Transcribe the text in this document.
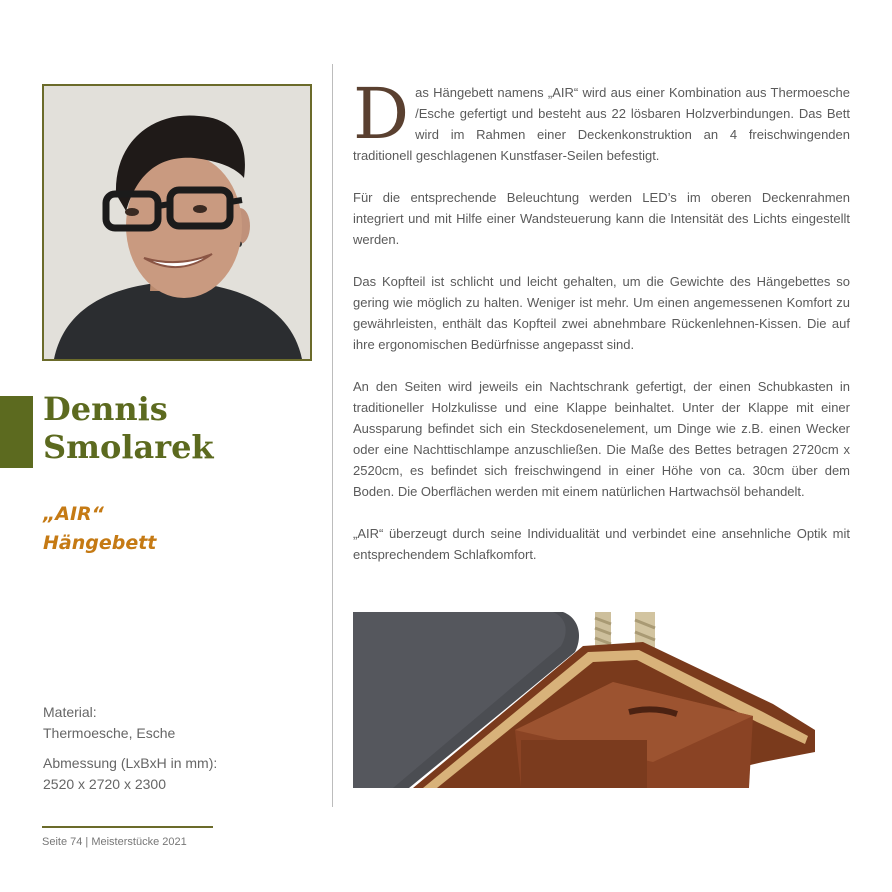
Dennis
Smolarek
„AIR“
Hängebett
Material:
Thermoesche, Esche
Abmessung (LxBxH in mm):
2520 x 2720 x 2300

Das Hängebett namens „AIR“ wird aus einer Kombination aus Thermoesche /Esche gefertigt und besteht aus 22 lösbaren Holzverbindungen. Das Bett wird im Rahmen einer Deckenkonstruktion an 4 freischwingenden traditionell geschlagenen Kunstfaser-Seilen befestigt.

Für die entsprechende Beleuchtung werden LED’s im oberen Deckenrahmen integriert und mit Hilfe einer Wandsteuerung kann die Intensität des Lichts eingestellt werden.

Das Kopfteil ist schlicht und leicht gehalten, um die Gewichte des Hängebettes so gering wie möglich zu halten. Weniger ist mehr. Um einen angemessenen Komfort zu gewährleisten, enthält das Kopfteil zwei abnehmbare Rückenlehnen-Kissen. Die auf ihre ergonomischen Bedürfnisse angepasst sind.

An den Seiten wird jeweils ein Nachtschrank gefertigt, der einen Schubkasten in traditioneller Holzkulisse und eine Klappe beinhaltet. Unter der Klappe mit einer Aussparung befindet sich ein Steckdosenelement, um Dinge wie z.B. einen Wecker oder eine Nachttischlampe anzuschließen. Die Maße des Bettes betragen 2720cm x 2520cm, es befindet sich freischwingend in einer Höhe von ca. 30cm über dem Boden. Die Oberflächen werden mit einem natürlichen Hartwachsöl behandelt.

„AIR“ überzeugt durch seine Individualität und verbindet eine ansehnliche Optik mit entsprechendem Schlafkomfort.

Seite 74 | Meisterstücke 2021
